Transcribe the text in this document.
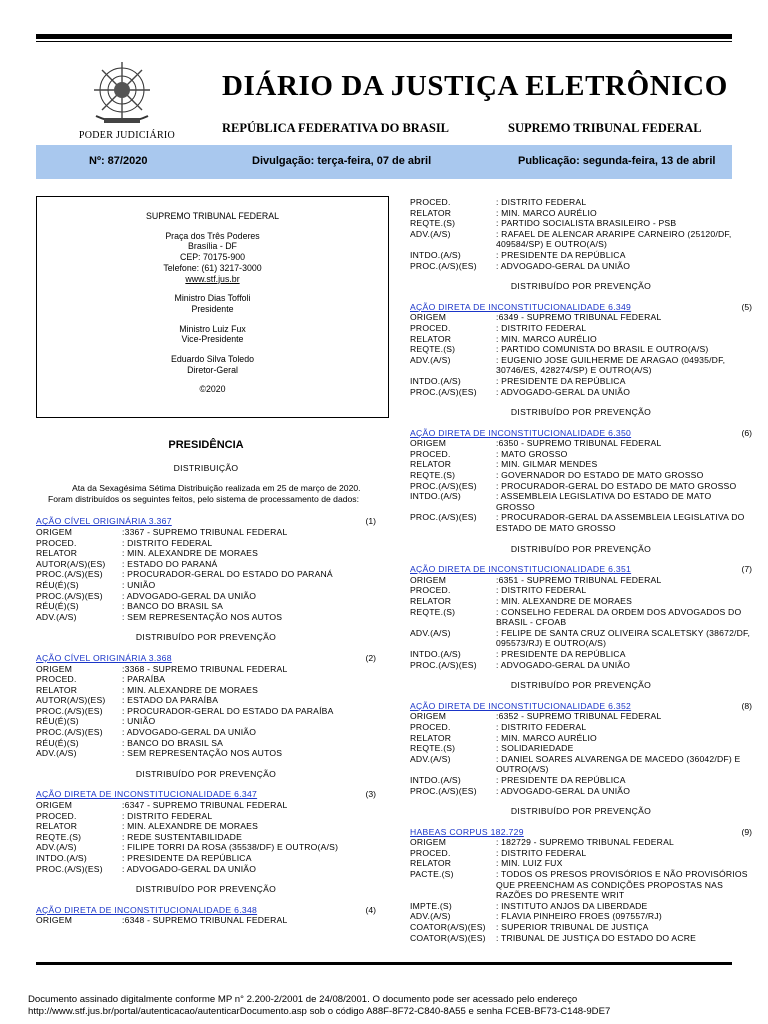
PODER JUDICIÁRIO
DIÁRIO DA JUSTIÇA ELETRÔNICO
REPÚBLICA FEDERATIVA DO BRASIL	SUPREMO TRIBUNAL FEDERAL
Nº: 87/2020	Divulgação: terça-feira, 07 de abril	Publicação: segunda-feira, 13 de abril
SUPREMO TRIBUNAL FEDERAL
Praça dos Três Poderes
Brasília - DF
CEP: 70175-900
Telefone: (61) 3217-3000
www.stf.jus.br
Ministro Dias Toffoli
Presidente
Ministro Luiz Fux
Vice-Presidente
Eduardo Silva Toledo
Diretor-Geral
©2020
PRESIDÊNCIA
DISTRIBUIÇÃO
Ata da Sexagésima Sétima Distribuição realizada em 25 de março de 2020.
Foram distribuídos os seguintes feitos, pelo sistema de processamento de dados:
AÇÃO CÍVEL ORIGINÁRIA 3.367	(1)
ORIGEM	:3367 - SUPREMO TRIBUNAL FEDERAL
PROCED.	: DISTRITO FEDERAL
RELATOR	: MIN. ALEXANDRE DE MORAES
AUTOR(A/S)(ES)	: ESTADO DO PARANÁ
PROC.(A/S)(ES)	: PROCURADOR-GERAL DO ESTADO DO PARANÁ
RÉU(É)(S)	: UNIÃO
PROC.(A/S)(ES)	: ADVOGADO-GERAL DA UNIÃO
RÉU(É)(S)	: BANCO DO BRASIL SA
ADV.(A/S)	: SEM REPRESENTAÇÃO NOS AUTOS
DISTRIBUÍDO POR PREVENÇÃO
AÇÃO CÍVEL ORIGINÁRIA 3.368	(2)
ORIGEM	:3368 - SUPREMO TRIBUNAL FEDERAL
PROCED.	: PARAÍBA
RELATOR	: MIN. ALEXANDRE DE MORAES
AUTOR(A/S)(ES)	: ESTADO DA PARAÍBA
PROC.(A/S)(ES)	: PROCURADOR-GERAL DO ESTADO DA PARAÍBA
RÉU(É)(S)	: UNIÃO
PROC.(A/S)(ES)	: ADVOGADO-GERAL DA UNIÃO
RÉU(É)(S)	: BANCO DO BRASIL SA
ADV.(A/S)	: SEM REPRESENTAÇÃO NOS AUTOS
DISTRIBUÍDO POR PREVENÇÃO
AÇÃO DIRETA DE INCONSTITUCIONALIDADE 6.347	(3)
ORIGEM	:6347 - SUPREMO TRIBUNAL FEDERAL
PROCED.	: DISTRITO FEDERAL
RELATOR	: MIN. ALEXANDRE DE MORAES
REQTE.(S)	: REDE SUSTENTABILIDADE
ADV.(A/S)	: FILIPE TORRI DA ROSA (35538/DF) E OUTRO(A/S)
INTDO.(A/S)	: PRESIDENTE DA REPÚBLICA
PROC.(A/S)(ES)	: ADVOGADO-GERAL DA UNIÃO
DISTRIBUÍDO POR PREVENÇÃO
AÇÃO DIRETA DE INCONSTITUCIONALIDADE 6.348	(4)
ORIGEM	:6348 - SUPREMO TRIBUNAL FEDERAL
PROCED.	: DISTRITO FEDERAL
RELATOR	: MIN. MARCO AURÉLIO
REQTE.(S)	: PARTIDO SOCIALISTA BRASILEIRO - PSB
ADV.(A/S)	: RAFAEL DE ALENCAR ARARIPE CARNEIRO (25120/DF, 409584/SP) E OUTRO(A/S)
INTDO.(A/S)	: PRESIDENTE DA REPÚBLICA
PROC.(A/S)(ES)	: ADVOGADO-GERAL DA UNIÃO
DISTRIBUÍDO POR PREVENÇÃO
AÇÃO DIRETA DE INCONSTITUCIONALIDADE 6.349	(5)
ORIGEM	:6349 - SUPREMO TRIBUNAL FEDERAL
PROCED.	: DISTRITO FEDERAL
RELATOR	: MIN. MARCO AURÉLIO
REQTE.(S)	: PARTIDO COMUNISTA DO BRASIL E OUTRO(A/S)
ADV.(A/S)	: EUGENIO JOSE GUILHERME DE ARAGAO (04935/DF, 30746/ES, 428274/SP) E OUTRO(A/S)
INTDO.(A/S)	: PRESIDENTE DA REPÚBLICA
PROC.(A/S)(ES)	: ADVOGADO-GERAL DA UNIÃO
DISTRIBUÍDO POR PREVENÇÃO
AÇÃO DIRETA DE INCONSTITUCIONALIDADE 6.350	(6)
ORIGEM	:6350 - SUPREMO TRIBUNAL FEDERAL
PROCED.	: MATO GROSSO
RELATOR	: MIN. GILMAR MENDES
REQTE.(S)	: GOVERNADOR DO ESTADO DE MATO GROSSO
PROC.(A/S)(ES)	: PROCURADOR-GERAL DO ESTADO DE MATO GROSSO
INTDO.(A/S)	: ASSEMBLEIA LEGISLATIVA DO ESTADO DE MATO GROSSO
PROC.(A/S)(ES)	: PROCURADOR-GERAL DA ASSEMBLEIA LEGISLATIVA DO ESTADO DE MATO GROSSO
DISTRIBUÍDO POR PREVENÇÃO
AÇÃO DIRETA DE INCONSTITUCIONALIDADE 6.351	(7)
ORIGEM	:6351 - SUPREMO TRIBUNAL FEDERAL
PROCED.	: DISTRITO FEDERAL
RELATOR	: MIN. ALEXANDRE DE MORAES
REQTE.(S)	: CONSELHO FEDERAL DA ORDEM DOS ADVOGADOS DO BRASIL - CFOAB
ADV.(A/S)	: FELIPE DE SANTA CRUZ OLIVEIRA SCALETSKY (38672/DF, 095573/RJ) E OUTRO(A/S)
INTDO.(A/S)	: PRESIDENTE DA REPÚBLICA
PROC.(A/S)(ES)	: ADVOGADO-GERAL DA UNIÃO
DISTRIBUÍDO POR PREVENÇÃO
AÇÃO DIRETA DE INCONSTITUCIONALIDADE 6.352	(8)
ORIGEM	:6352 - SUPREMO TRIBUNAL FEDERAL
PROCED.	: DISTRITO FEDERAL
RELATOR	: MIN. MARCO AURÉLIO
REQTE.(S)	: SOLIDARIEDADE
ADV.(A/S)	: DANIEL SOARES ALVARENGA DE MACEDO (36042/DF) E OUTRO(A/S)
INTDO.(A/S)	: PRESIDENTE DA REPÚBLICA
PROC.(A/S)(ES)	: ADVOGADO-GERAL DA UNIÃO
DISTRIBUÍDO POR PREVENÇÃO
HABEAS CORPUS 182.729	(9)
ORIGEM	: 182729 - SUPREMO TRIBUNAL FEDERAL
PROCED.	: DISTRITO FEDERAL
RELATOR	: MIN. LUIZ FUX
PACTE.(S)	: TODOS OS PRESOS PROVISÓRIOS E NÃO PROVISÓRIOS QUE PREENCHAM AS CONDIÇÕES PROPOSTAS NAS RAZÕES DO PRESENTE WRIT
IMPTE.(S)	: INSTITUTO ANJOS DA LIBERDADE
ADV.(A/S)	: FLAVIA PINHEIRO FROES (097557/RJ)
COATOR(A/S)(ES)	: SUPERIOR TRIBUNAL DE JUSTIÇA
COATOR(A/S)(ES)	: TRIBUNAL DE JUSTIÇA DO ESTADO DO ACRE
Documento assinado digitalmente conforme MP n° 2.200-2/2001 de 24/08/2001. O documento pode ser acessado pelo endereço
http://www.stf.jus.br/portal/autenticacao/autenticarDocumento.asp sob o código A88F-8F72-C840-8A55 e senha FCEB-BF73-C148-9DE7
